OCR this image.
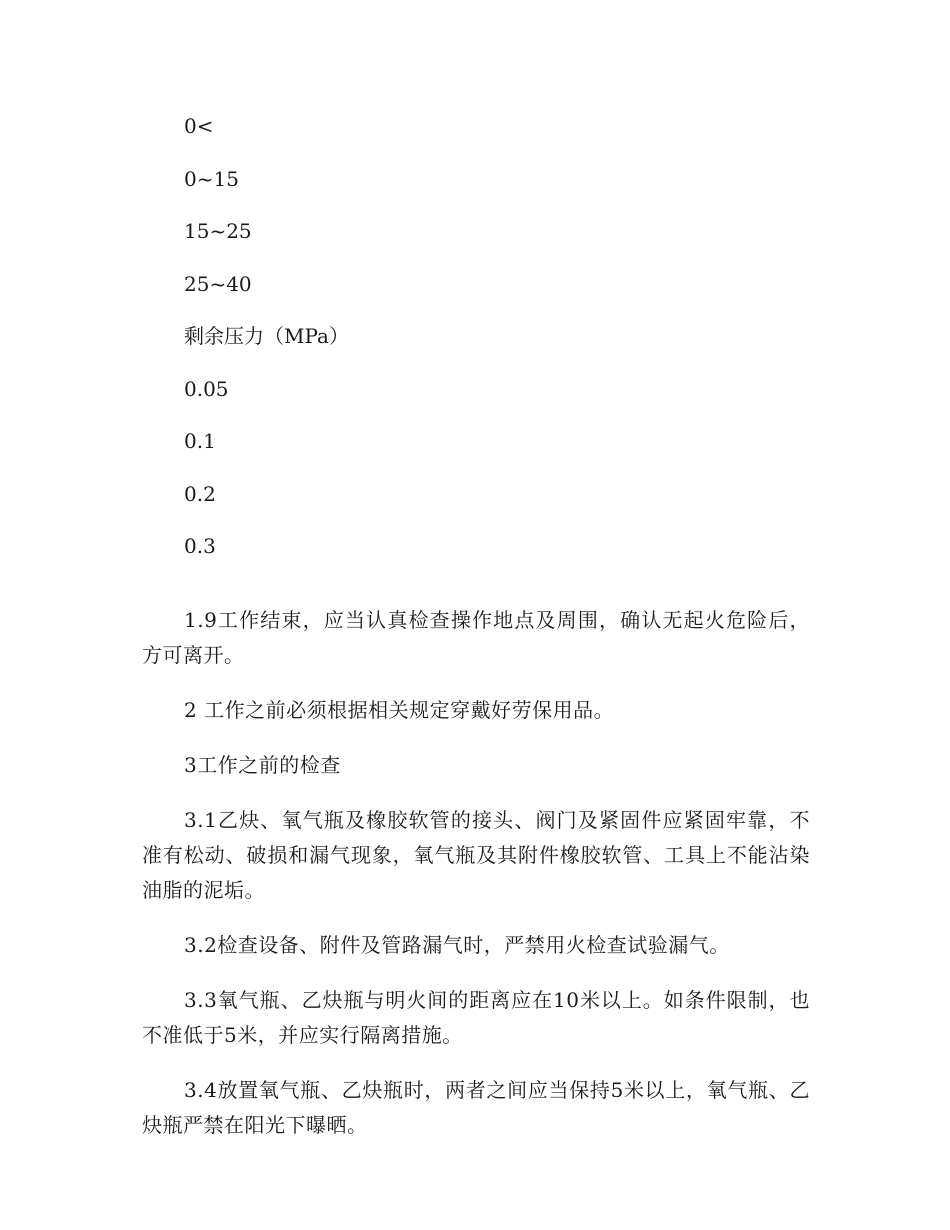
0<
0~15
15~25
25~40
剩余压力（MPa）
0.05
0.1
0.2
0.3

1.9工作结束，应当认真检查操作地点及周围，确认无起火危险后，方可离开。

2 工作之前必须根据相关规定穿戴好劳保用品。

3工作之前的检查

3.1乙炔、氧气瓶及橡胶软管的接头、阀门及紧固件应紧固牢靠，不准有松动、破损和漏气现象，氧气瓶及其附件橡胶软管、工具上不能沾染油脂的泥垢。

3.2检查设备、附件及管路漏气时，严禁用火检查试验漏气。

3.3氧气瓶、乙炔瓶与明火间的距离应在10米以上。如条件限制，也不准低于5米，并应实行隔离措施。

3.4放置氧气瓶、乙炔瓶时，两者之间应当保持5米以上，氧气瓶、乙炔瓶严禁在阳光下曝晒。
